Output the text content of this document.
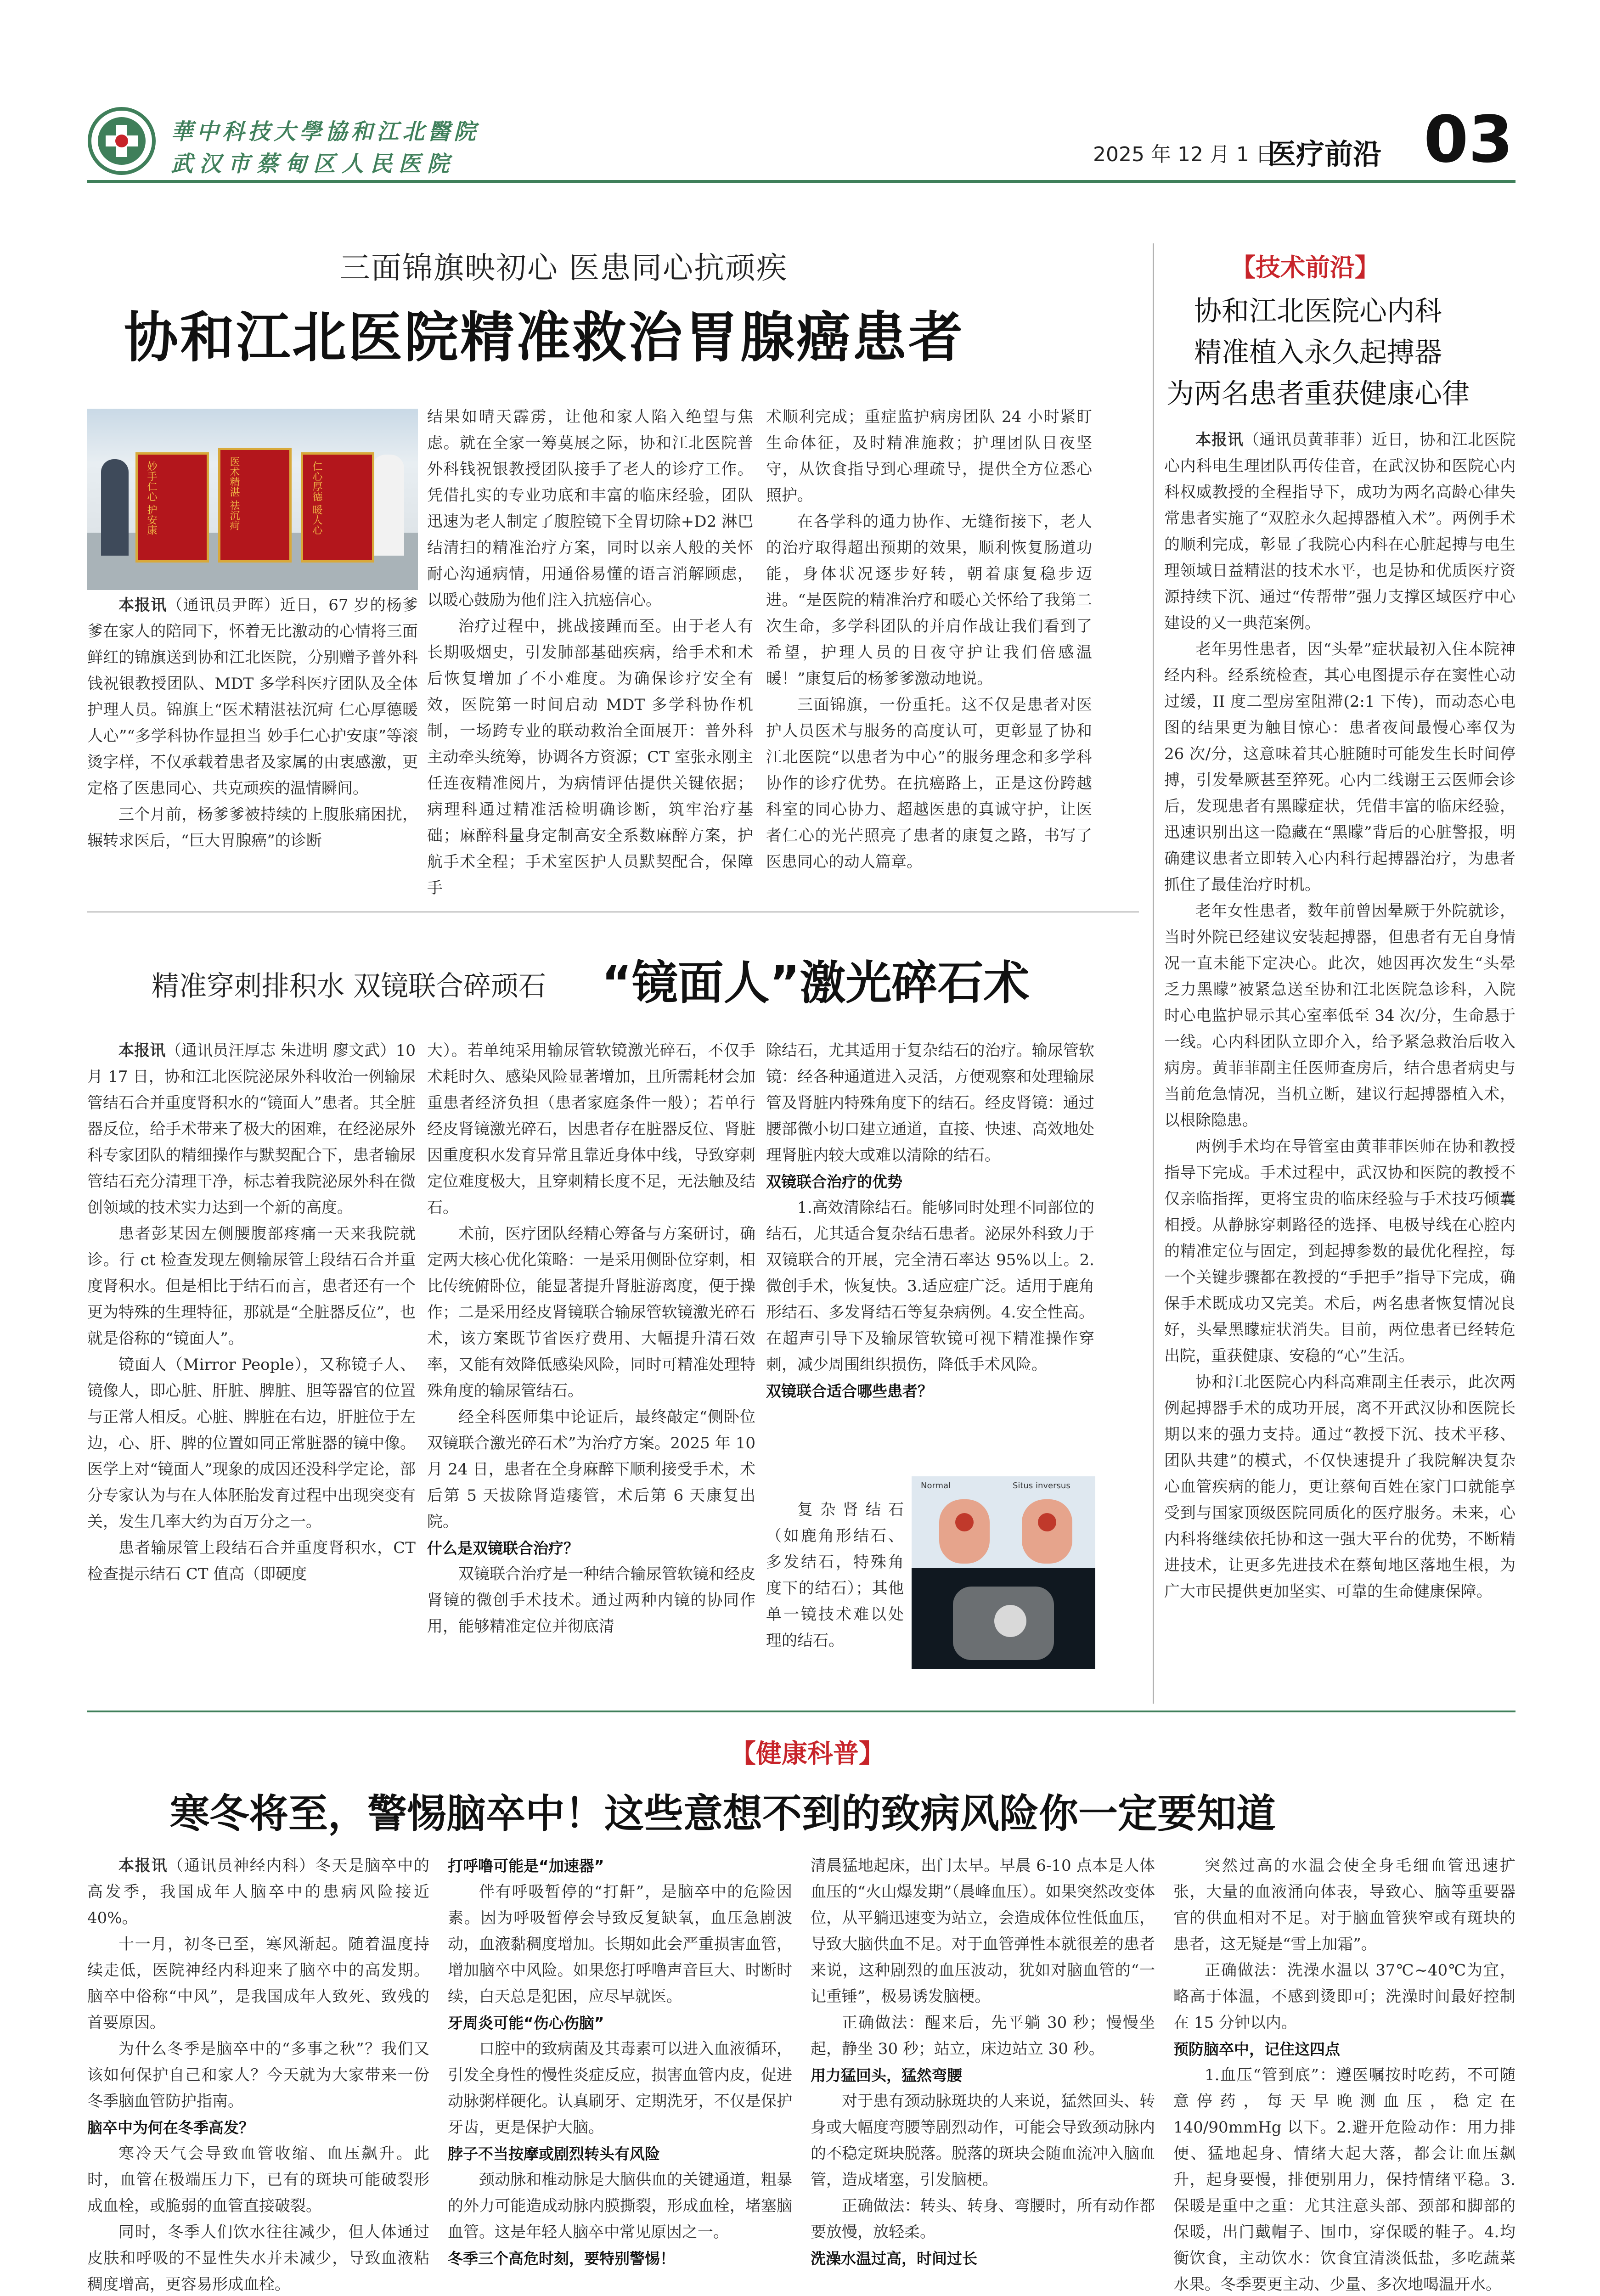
華中科技大學協和江北醫院
武汉市蔡甸区人民医院	2025 年 12 月 1 日
医疗前沿 03
三面锦旗映初心 医患同心抗顽疾
协和江北医院精准救治胃腺癌患者
妙手仁心 护安康	医术精湛 祛沉疴	仁心厚德 暖人心

本报讯（通讯员尹晖）近日，67 岁的杨爹爹在家人的陪同下，怀着无比激动的心情将三面鲜红的锦旗送到协和江北医院，分别赠予普外科钱祝银教授团队、MDT 多学科医疗团队及全体护理人员。锦旗上“医术精湛祛沉疴 仁心厚德暖人心”“多学科协作显担当 妙手仁心护安康”等滚烫字样，不仅承载着患者及家属的由衷感激，更定格了医患同心、共克顽疾的温情瞬间。

三个月前，杨爹爹被持续的上腹胀痛困扰，辗转求医后，“巨大胃腺癌”的诊断

结果如晴天霹雳，让他和家人陷入绝望与焦虑。就在全家一筹莫展之际，协和江北医院普外科钱祝银教授团队接手了老人的诊疗工作。凭借扎实的专业功底和丰富的临床经验，团队迅速为老人制定了腹腔镜下全胃切除+D2 淋巴结清扫的精准治疗方案，同时以亲人般的关怀耐心沟通病情，用通俗易懂的语言消解顾虑，以暖心鼓励为他们注入抗癌信心。

治疗过程中，挑战接踵而至。由于老人有长期吸烟史，引发肺部基础疾病，给手术和术后恢复增加了不小难度。为确保诊疗安全有效，医院第一时间启动 MDT 多学科协作机制，一场跨专业的联动救治全面展开：普外科主动牵头统筹，协调各方资源；CT 室张永刚主任连夜精准阅片，为病情评估提供关键依据；病理科通过精准活检明确诊断，筑牢治疗基础；麻醉科量身定制高安全系数麻醉方案，护航手术全程；手术室医护人员默契配合，保障手

术顺利完成；重症监护病房团队 24 小时紧盯生命体征，及时精准施救；护理团队日夜坚守，从饮食指导到心理疏导，提供全方位悉心照护。

在各学科的通力协作、无缝衔接下，老人的治疗取得超出预期的效果，顺利恢复肠道功能，身体状况逐步好转，朝着康复稳步迈进。“是医院的精准治疗和暖心关怀给了我第二次生命，多学科团队的并肩作战让我们看到了希望，护理人员的日夜守护让我们倍感温暖！”康复后的杨爹爹激动地说。

三面锦旗，一份重托。这不仅是患者对医护人员医术与服务的高度认可，更彰显了协和江北医院“以患者为中心”的服务理念和多学科协作的诊疗优势。在抗癌路上，正是这份跨越科室的同心协力、超越医患的真诚守护，让医者仁心的光芒照亮了患者的康复之路，书写了医患同心的动人篇章。

精准穿刺排积水 双镜联合碎顽石 “镜面人”激光碎石术

本报讯（通讯员汪厚志 朱进明 廖文武）10 月 17 日，协和江北医院泌尿外科收治一例输尿管结石合并重度肾积水的“镜面人”患者。其全脏器反位，给手术带来了极大的困难，在经泌尿外科专家团队的精细操作与默契配合下，患者输尿管结石充分清理干净，标志着我院泌尿外科在微创领域的技术实力达到一个新的高度。

患者彭某因左侧腰腹部疼痛一天来我院就诊。行 ct 检查发现左侧输尿管上段结石合并重度肾积水。但是相比于结石而言，患者还有一个更为特殊的生理特征，那就是“全脏器反位”，也就是俗称的“镜面人”。

镜面人（Mirror People），又称镜子人、镜像人，即心脏、肝脏、脾脏、胆等器官的位置与正常人相反。心脏、脾脏在右边，肝脏位于左边，心、肝、脾的位置如同正常脏器的镜中像。医学上对“镜面人”现象的成因还没科学定论，部分专家认为与在人体胚胎发育过程中出现突变有关，发生几率大约为百万分之一。

患者输尿管上段结石合并重度肾积水，CT 检查提示结石 CT 值高（即硬度

大）。若单纯采用输尿管软镜激光碎石，不仅手术耗时久、感染风险显著增加，且所需耗材会加重患者经济负担（患者家庭条件一般）；若单行经皮肾镜激光碎石，因患者存在脏器反位、肾脏因重度积水发育异常且靠近身体中线，导致穿刺定位难度极大，且穿刺精长度不足，无法触及结石。

术前，医疗团队经精心筹备与方案研讨，确定两大核心优化策略：一是采用侧卧位穿刺，相比传统俯卧位，能显著提升肾脏游离度，便于操作；二是采用经皮肾镜联合输尿管软镜激光碎石术，该方案既节省医疗费用、大幅提升清石效率，又能有效降低感染风险，同时可精准处理特殊角度的输尿管结石。

经全科医师集中论证后，最终敲定“侧卧位双镜联合激光碎石术”为治疗方案。2025 年 10 月 24 日，患者在全身麻醉下顺利接受手术，术后第 5 天拔除肾造瘘管，术后第 6 天康复出院。

什么是双镜联合治疗？

双镜联合治疗是一种结合输尿管软镜和经皮肾镜的微创手术技术。通过两种内镜的协同作用，能够精准定位并彻底清

除结石，尤其适用于复杂结石的治疗。输尿管软镜：经各种通道进入灵活，方便观察和处理输尿管及肾脏内特殊角度下的结石。经皮肾镜：通过腰部微小切口建立通道，直接、快速、高效地处理肾脏内较大或难以清除的结石。

双镜联合治疗的优势

1.高效清除结石。能够同时处理不同部位的结石，尤其适合复杂结石患者。泌尿外科致力于双镜联合的开展，完全清石率达 95%以上。2.微创手术，恢复快。3.适应症广泛。适用于鹿角形结石、多发肾结石等复杂病例。4.安全性高。在超声引导下及输尿管软镜可视下精准操作穿刺，减少周围组织损伤，降低手术风险。

双镜联合适合哪些患者？

复杂肾结石（如鹿角形结石、多发结石，特殊角度下的结石）；其他单一镜技术难以处理的结石。

Normal	Situs inversus
【技术前沿】
协和江北医院心内科
精准植入永久起搏器
为两名患者重获健康心律

本报讯（通讯员黄菲菲）近日，协和江北医院心内科电生理团队再传佳音，在武汉协和医院心内科权威教授的全程指导下，成功为两名高龄心律失常患者实施了“双腔永久起搏器植入术”。两例手术的顺利完成，彰显了我院心内科在心脏起搏与电生理领域日益精湛的技术水平，也是协和优质医疗资源持续下沉、通过“传帮带”强力支撑区域医疗中心建设的又一典范案例。

老年男性患者，因“头晕”症状最初入住本院神经内科。经系统检查，其心电图提示存在窦性心动过缓，II 度二型房室阻滞(2:1 下传)，而动态心电图的结果更为触目惊心：患者夜间最慢心率仅为 26 次/分，这意味着其心脏随时可能发生长时间停搏，引发晕厥甚至猝死。心内二线谢王云医师会诊后，发现患者有黑矇症状，凭借丰富的临床经验，迅速识别出这一隐藏在“黑矇”背后的心脏警报，明确建议患者立即转入心内科行起搏器治疗，为患者抓住了最佳治疗时机。

老年女性患者，数年前曾因晕厥于外院就诊，当时外院已经建议安装起搏器，但患者有无自身情况一直未能下定决心。此次，她因再次发生“头晕乏力黑矇”被紧急送至协和江北医院急诊科，入院时心电监护显示其心室率低至 34 次/分，生命悬于一线。心内科团队立即介入，给予紧急救治后收入病房。黄菲菲副主任医师查房后，结合患者病史与当前危急情况，当机立断，建议行起搏器植入术，以根除隐患。

两例手术均在导管室由黄菲菲医师在协和教授指导下完成。手术过程中，武汉协和医院的教授不仅亲临指挥，更将宝贵的临床经验与手术技巧倾囊相授。从静脉穿刺路径的选择、电极导线在心腔内的精准定位与固定，到起搏参数的最优化程控，每一个关键步骤都在教授的“手把手”指导下完成，确保手术既成功又完美。术后，两名患者恢复情况良好，头晕黑矇症状消失。目前，两位患者已经转危出院，重获健康、安稳的“心”生活。

协和江北医院心内科高难副主任表示，此次两例起搏器手术的成功开展，离不开武汉协和医院长期以来的强力支持。通过“教授下沉、技术平移、团队共建”的模式，不仅快速提升了我院解决复杂心血管疾病的能力，更让蔡甸百姓在家门口就能享受到与国家顶级医院同质化的医疗服务。未来，心内科将继续依托协和这一强大平台的优势，不断精进技术，让更多先进技术在蔡甸地区落地生根，为广大市民提供更加坚实、可靠的生命健康保障。

【健康科普】
寒冬将至，警惕脑卒中！这些意想不到的致病风险你一定要知道

本报讯（通讯员神经内科）冬天是脑卒中的高发季，我国成年人脑卒中的患病风险接近 40%。

十一月，初冬已至，寒风渐起。随着温度持续走低，医院神经内科迎来了脑卒中的高发期。脑卒中俗称“中风”，是我国成年人致死、致残的首要原因。

为什么冬季是脑卒中的“多事之秋”？我们又该如何保护自己和家人？今天就为大家带来一份冬季脑血管防护指南。

脑卒中为何在冬季高发？

寒冷天气会导致血管收缩、血压飙升。此时，血管在极端压力下，已有的斑块可能破裂形成血栓，或脆弱的血管直接破裂。

同时，冬季人们饮水往往减少，但人体通过皮肤和呼吸的不显性失水并未减少，导致血液粘稠度增高，更容易形成血栓。

打呼噜可能是“加速器”

伴有呼吸暂停的“打鼾”，是脑卒中的危险因素。因为呼吸暂停会导致反复缺氧，血压急剧波动，血液黏稠度增加。长期如此会严重损害血管，增加脑卒中风险。如果您打呼噜声音巨大、时断时续，白天总是犯困，应尽早就医。

牙周炎可能“伤心伤脑”

口腔中的致病菌及其毒素可以进入血液循环，引发全身性的慢性炎症反应，损害血管内皮，促进动脉粥样硬化。认真刷牙、定期洗牙，不仅是保护牙齿，更是保护大脑。

脖子不当按摩或剧烈转头有风险

颈动脉和椎动脉是大脑供血的关键通道，粗暴的外力可能造成动脉内膜撕裂，形成血栓，堵塞脑血管。这是年轻人脑卒中常见原因之一。

冬季三个高危时刻，要特别警惕！

清晨猛地起床，出门太早。早晨 6-10 点本是人体血压的“火山爆发期”（晨峰血压）。如果突然改变体位，从平躺迅速变为站立，会造成体位性低血压，导致大脑供血不足。对于血管弹性本就很差的患者来说，这种剧烈的血压波动，犹如对脑血管的“一记重锤”，极易诱发脑梗。

正确做法：醒来后，先平躺 30 秒；慢慢坐起，静坐 30 秒；站立，床边站立 30 秒。

用力猛回头，猛然弯腰

对于患有颈动脉斑块的人来说，猛然回头、转身或大幅度弯腰等剧烈动作，可能会导致颈动脉内的不稳定斑块脱落。脱落的斑块会随血流冲入脑血管，造成堵塞，引发脑梗。

正确做法：转头、转身、弯腰时，所有动作都要放慢，放轻柔。

洗澡水温过高，时间过长

突然过高的水温会使全身毛细血管迅速扩张，大量的血液涌向体表，导致心、脑等重要器官的供血相对不足。对于脑血管狭窄或有斑块的患者，这无疑是“雪上加霜”。

正确做法：洗澡水温以 37℃~40℃为宜，略高于体温，不感到烫即可；洗澡时间最好控制在 15 分钟以内。

预防脑卒中，记住这四点

1.血压“管到底”：遵医嘱按时吃药，不可随意停药，每天早晚测血压，稳定在 140/90mmHg 以下。2.避开危险动作：用力排便、猛地起身、情绪大起大落，都会让血压飙升，起身要慢，排便别用力，保持情绪平稳。3.保暖是重中之重：尤其注意头部、颈部和脚部的保暖，出门戴帽子、围巾，穿保暖的鞋子。4.均衡饮食，主动饮水：饮食宜清淡低盐，多吃蔬菜水果。冬季要更主动、少量、多次地喝温开水。
